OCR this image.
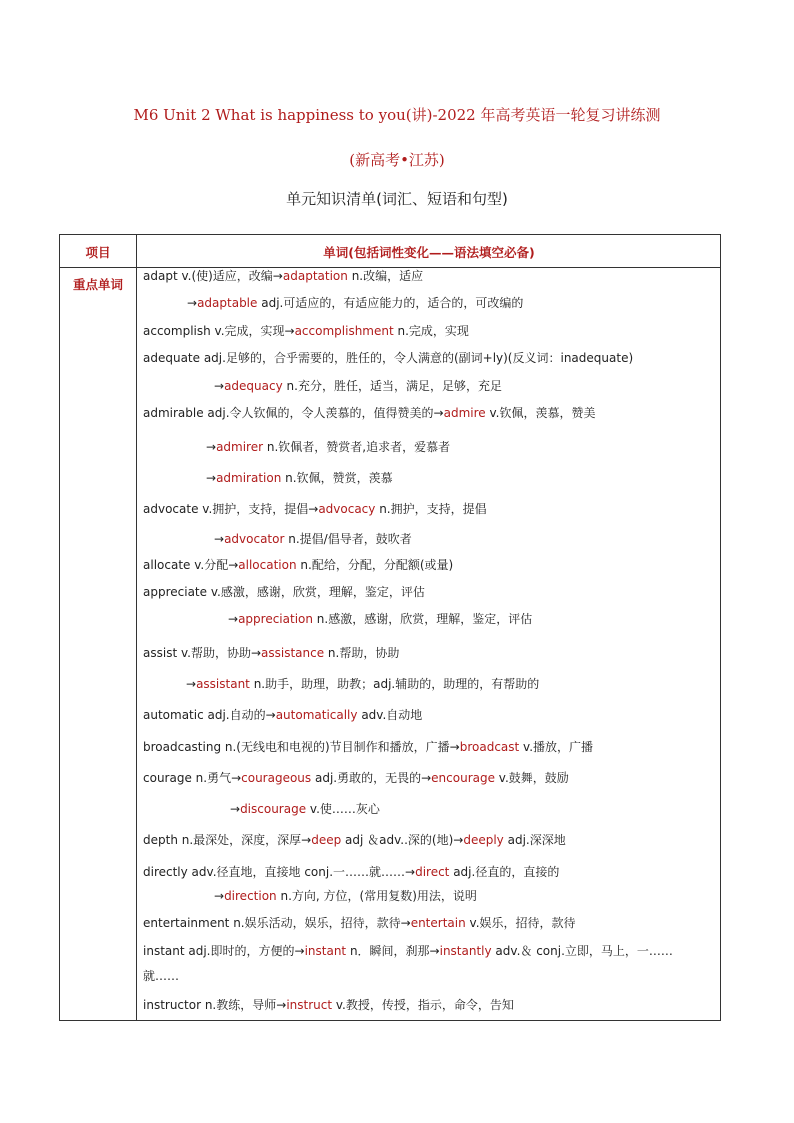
M6 Unit 2 What is happiness to you(讲)-2022 年高考英语一轮复习讲练测
(新高考•江苏)
单元知识清单(词汇、短语和句型)
项目	单词(包括词性变化——语法填空必备)
重点单词
adapt v.(使)适应，改编→adaptation n.改编，适应
→adaptable adj.可适应的，有适应能力的，适合的，可改编的
accomplish v.完成，实现→accomplishment n.完成，实现
adequate adj.足够的，合乎需要的，胜任的，令人满意的(副词+ly)(反义词：inadequate)
→adequacy n.充分，胜任，适当，满足，足够，充足
admirable adj.令人钦佩的，令人羡慕的，值得赞美的→admire v.钦佩，羡慕，赞美
→admirer n.钦佩者，赞赏者,追求者，爱慕者
→admiration n.钦佩，赞赏，羡慕
advocate v.拥护，支持，提倡→advocacy n.拥护，支持，提倡
→advocator n.提倡/倡导者，鼓吹者
allocate v.分配→allocation n.配给，分配，分配额(或量)
appreciate v.感激，感谢，欣赏，理解，鉴定，评估
→appreciation n.感激，感谢，欣赏，理解，鉴定，评估
assist v.帮助，协助→assistance n.帮助，协助
→assistant n.助手，助理，助教；adj.辅助的，助理的，有帮助的
automatic adj.自动的→automatically adv.自动地
broadcasting n.(无线电和电视的)节目制作和播放，广播→broadcast v.播放，广播
courage n.勇气→courageous adj.勇敢的，无畏的→encourage v.鼓舞，鼓励
→discourage v.使……灰心
depth n.最深处，深度，深厚→deep adj ＆adv..深的(地)→deeply adj.深深地
directly adv.径直地，直接地 conj.一……就……→direct adj.径直的，直接的
→direction n.方向, 方位，(常用复数)用法，说明
entertainment n.娱乐活动，娱乐，招待，款待→entertain v.娱乐，招待，款待
instant adj.即时的，方便的→instant n．瞬间，刹那→instantly adv.＆ conj.立即，马上，一……
就……
instructor n.教练，导师→instruct v.教授，传授，指示，命令，告知
